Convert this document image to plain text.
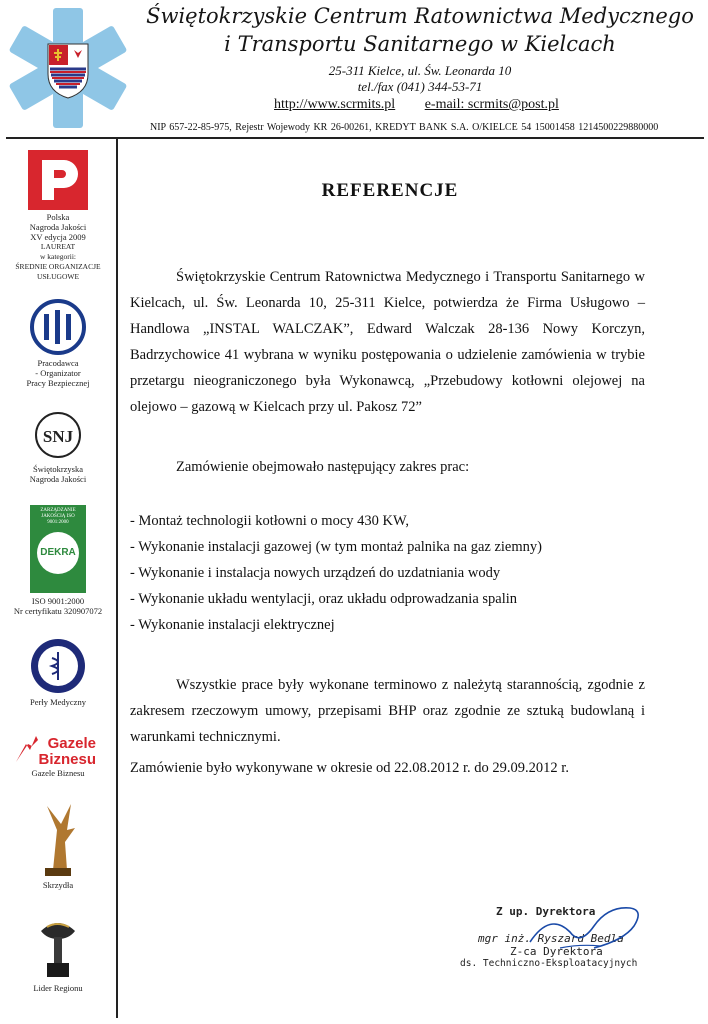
Świętokrzyskie Centrum Ratownictwa Medycznego
i Transportu Sanitarnego w Kielcach
25-311 Kielce, ul. Św. Leonarda 10
tel./fax (041) 344-53-71
http://www.scrmits.pl e-mail: scrmits@post.pl
NIP 657-22-85-975, Rejestr Wojewody KR 26-00261, KREDYT BANK S.A. O/KIELCE 54 15001458 1214500229880000
Polska
Nagroda Jakości
XV edycja 2009
LAUREAT
w kategorii:
ŚREDNIE ORGANIZACJE
USŁUGOWE
Pracodawca
- Organizator
Pracy Bezpiecznej
SNJ
Świętokrzyska
Nagroda Jakości
ZARZĄDZANIE JAKOŚCIĄ ISO 9001:2000
DEKRA
ISO 9001:2000
Nr certyfikatu 320907072
Perły Medyczny
Gazele
Biznesu
Gazele Biznesu
Skrzydła
Lider Regionu
REFERENCJE
Świętokrzyskie Centrum Ratownictwa Medycznego i Transportu Sanitarnego w Kielcach, ul. Św. Leonarda 10, 25-311 Kielce, potwierdza że Firma Usługowo – Handlowa „INSTAL WALCZAK”, Edward Walczak 28-136 Nowy Korczyn, Badrzychowice 41 wybrana w wyniku postępowania o udzielenie zamówienia w trybie przetargu nieograniczonego była Wykonawcą, „Przebudowy kotłowni olejowej na olejowo – gazową w Kielcach przy ul. Pakosz 72”
Zamówienie obejmowało następujący zakres prac:
- Montaż technologii kotłowni o mocy 430 KW,
- Wykonanie instalacji gazowej (w tym montaż palnika na gaz ziemny)
- Wykonanie i instalacja nowych urządzeń do uzdatniania wody
- Wykonanie układu wentylacji, oraz układu odprowadzania spalin
- Wykonanie instalacji elektrycznej
Wszystkie prace były wykonane terminowo z należytą starannością, zgodnie z zakresem rzeczowym umowy, przepisami BHP oraz zgodnie ze sztuką budowlaną i warunkami technicznymi.
Zamówienie było wykonywane w okresie od 22.08.2012 r. do 29.09.2012 r.
Z up. Dyrektora
mgr inż. Ryszard Bedla
Z-ca Dyrektora
ds. Techniczno-Eksploatacyjnych
